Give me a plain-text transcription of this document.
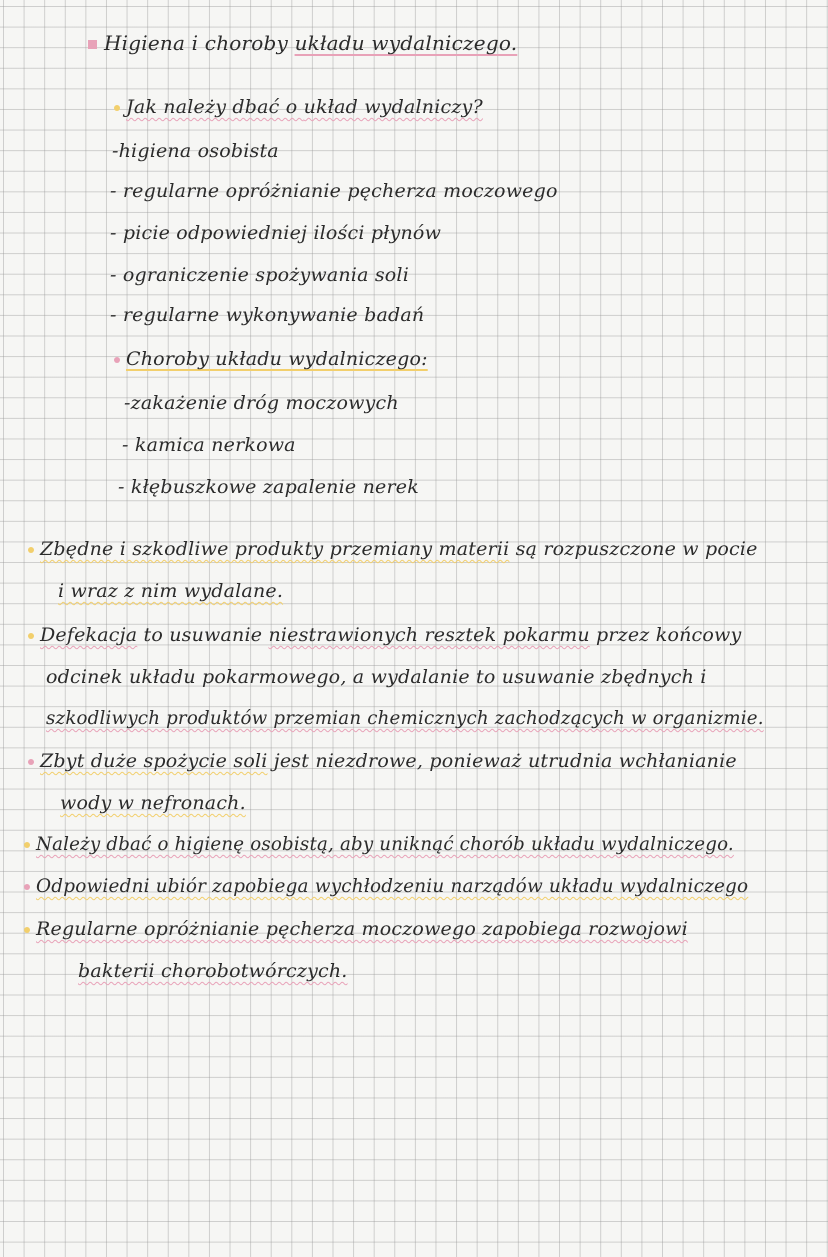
Higiena i choroby układu wydalniczego.
Jak należy dbać o układ wydalniczy?
-higiena osobista
- regularne opróżnianie pęcherza moczowego
- picie odpowiedniej ilości płynów
- ograniczenie spożywania soli
- regularne wykonywanie badań
Choroby układu wydalniczego:
-zakażenie dróg moczowych
- kamica nerkowa
- kłębuszkowe zapalenie nerek
Zbędne i szkodliwe produkty przemiany materii są rozpuszczone w pocie
i wraz z nim wydalane.
Defekacja to usuwanie niestrawionych resztek pokarmu przez końcowy
odcinek układu pokarmowego, a wydalanie to usuwanie zbędnych i
szkodliwych produktów przemian chemicznych zachodzących w organizmie.
Zbyt duże spożycie soli jest niezdrowe, ponieważ utrudnia wchłanianie
wody w nefronach.
Należy dbać o higienę osobistą, aby uniknąć chorób układu wydalniczego.
Odpowiedni ubiór zapobiega wychłodzeniu narządów układu wydalniczego
Regularne opróżnianie pęcherza moczowego zapobiega rozwojowi
bakterii chorobotwórczych.
